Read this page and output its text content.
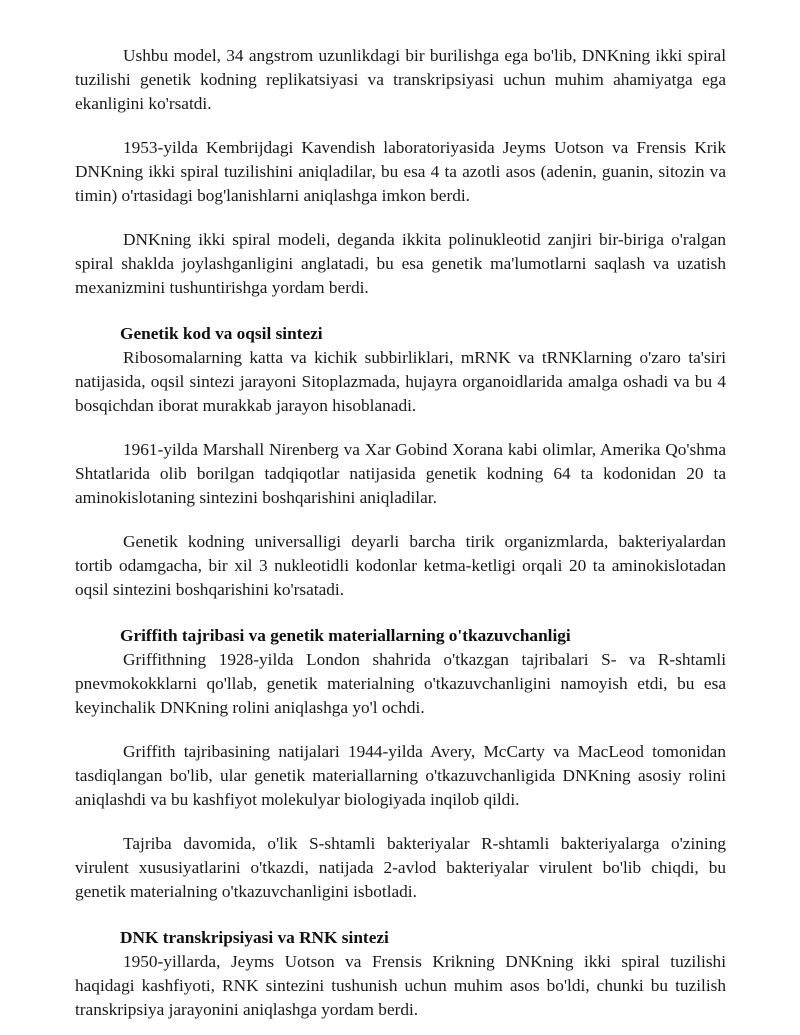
Ushbu model, 34 angstrom uzunlikdagi bir burilishga ega bo'lib, DNKning ikki spiral tuzilishi genetik kodning replikatsiyasi va transkripsiyasi uchun muhim ahamiyatga ega ekanligini ko'rsatdi.

1953-yilda Kembrijdagi Kavendish laboratoriyasida Jeyms Uotson va Frensis Krik DNKning ikki spiral tuzilishini aniqladilar, bu esa 4 ta azotli asos (adenin, guanin, sitozin va timin) o'rtasidagi bog'lanishlarni aniqlashga imkon berdi.

DNKning ikki spiral modeli, deganda ikkita polinukleotid zanjiri bir-biriga o'ralgan spiral shaklda joylashganligini anglatadi, bu esa genetik ma'lumotlarni saqlash va uzatish mexanizmini tushuntirishga yordam berdi.

Genetik kod va oqsil sintezi

Ribosomalarning katta va kichik subbirliklari, mRNK va tRNKlarning o'zaro ta'siri natijasida, oqsil sintezi jarayoni Sitoplazmada, hujayra organoidlarida amalga oshadi va bu 4 bosqichdan iborat murakkab jarayon hisoblanadi.

1961-yilda Marshall Nirenberg va Xar Gobind Xorana kabi olimlar, Amerika Qo'shma Shtatlarida olib borilgan tadqiqotlar natijasida genetik kodning 64 ta kodonidan 20 ta aminokislotaning sintezini boshqarishini aniqladilar.

Genetik kodning universalligi deyarli barcha tirik organizmlarda, bakteriyalardan tortib odamgacha, bir xil 3 nukleotidli kodonlar ketma-ketligi orqali 20 ta aminokislotadan oqsil sintezini boshqarishini ko'rsatadi.

Griffith tajribasi va genetik materiallarning o'tkazuvchanligi

Griffithning 1928-yilda London shahrida o'tkazgan tajribalari S- va R-shtamli pnevmokokklarni qo'llab, genetik materialning o'tkazuvchanligini namoyish etdi, bu esa keyinchalik DNKning rolini aniqlashga yo'l ochdi.

Griffith tajribasining natijalari 1944-yilda Avery, McCarty va MacLeod tomonidan tasdiqlangan bo'lib, ular genetik materiallarning o'tkazuvchanligida DNKning asosiy rolini aniqlashdi va bu kashfiyot molekulyar biologiyada inqilob qildi.

Tajriba davomida, o'lik S-shtamli bakteriyalar R-shtamli bakteriyalarga o'zining virulent xususiyatlarini o'tkazdi, natijada 2-avlod bakteriyalar virulent bo'lib chiqdi, bu genetik materialning o'tkazuvchanligini isbotladi.

DNK transkripsiyasi va RNK sintezi

1950-yillarda, Jeyms Uotson va Frensis Krikning DNKning ikki spiral tuzilishi haqidagi kashfiyoti, RNK sintezini tushunish uchun muhim asos bo'ldi, chunki bu tuzilish transkripsiya jarayonini aniqlashga yordam berdi.
